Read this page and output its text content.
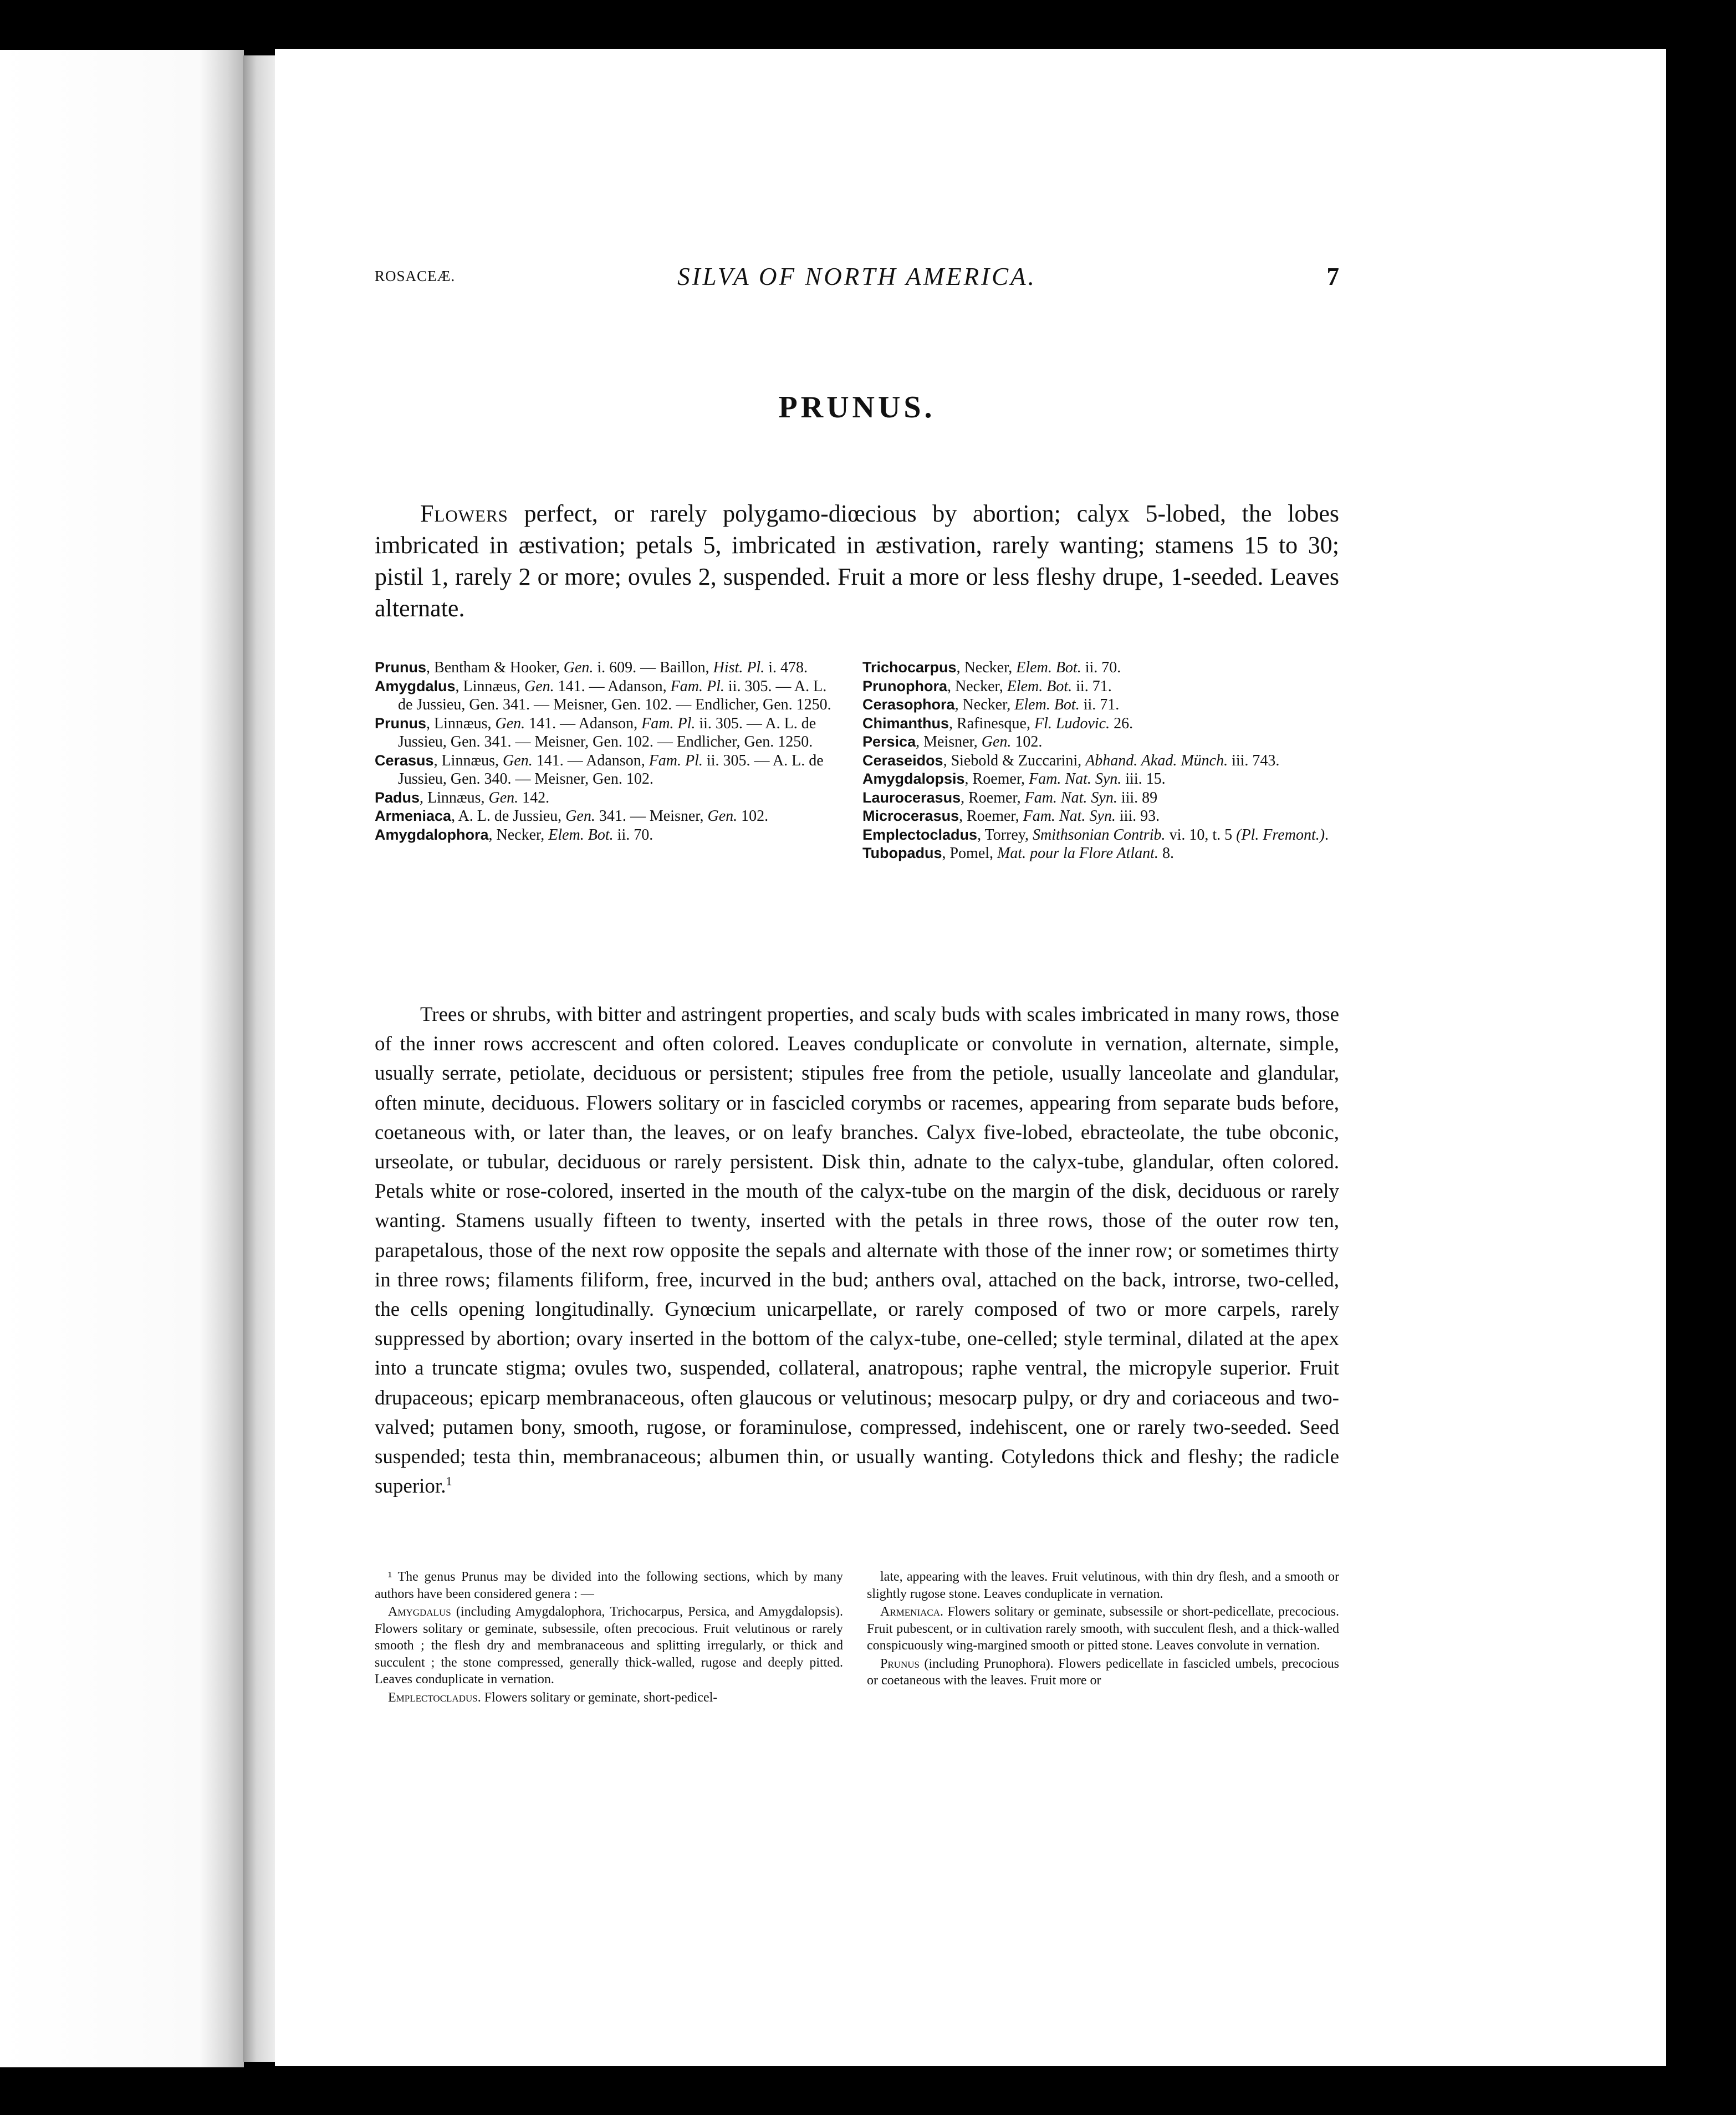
ROSACEÆ.	SILVA OF NORTH AMERICA.	7
PRUNUS.
Flowers perfect, or rarely polygamo-diœcious by abortion; calyx 5-lobed, the lobes imbricated in æstivation; petals 5, imbricated in æstivation, rarely wanting; stamens 15 to 30; pistil 1, rarely 2 or more; ovules 2, suspended. Fruit a more or less fleshy drupe, 1-seeded. Leaves alternate.
Prunus, Bentham & Hooker, Gen. i. 609. — Baillon, Hist. Pl. i. 478.
Amygdalus, Linnæus, Gen. 141. — Adanson, Fam. Pl. ii. 305. — A. L. de Jussieu, Gen. 341. — Meisner, Gen. 102. — Endlicher, Gen. 1250.
Prunus, Linnæus, Gen. 141. — Adanson, Fam. Pl. ii. 305. — A. L. de Jussieu, Gen. 341. — Meisner, Gen. 102. — Endlicher, Gen. 1250.
Cerasus, Linnæus, Gen. 141. — Adanson, Fam. Pl. ii. 305. — A. L. de Jussieu, Gen. 340. — Meisner, Gen. 102.
Padus, Linnæus, Gen. 142.
Armeniaca, A. L. de Jussieu, Gen. 341. — Meisner, Gen. 102.
Amygdalophora, Necker, Elem. Bot. ii. 70.
Trichocarpus, Necker, Elem. Bot. ii. 70.
Prunophora, Necker, Elem. Bot. ii. 71.
Cerasophora, Necker, Elem. Bot. ii. 71.
Chimanthus, Rafinesque, Fl. Ludovic. 26.
Persica, Meisner, Gen. 102.
Ceraseidos, Siebold & Zuccarini, Abhand. Akad. Münch. iii. 743.
Amygdalopsis, Roemer, Fam. Nat. Syn. iii. 15.
Laurocerasus, Roemer, Fam. Nat. Syn. iii. 89
Microcerasus, Roemer, Fam. Nat. Syn. iii. 93.
Emplectocladus, Torrey, Smithsonian Contrib. vi. 10, t. 5 (Pl. Fremont.).
Tubopadus, Pomel, Mat. pour la Flore Atlant. 8.
Trees or shrubs, with bitter and astringent properties, and scaly buds with scales imbricated in many rows, those of the inner rows accrescent and often colored. Leaves conduplicate or convolute in vernation, alternate, simple, usually serrate, petiolate, deciduous or persistent; stipules free from the petiole, usually lanceolate and glandular, often minute, deciduous. Flowers solitary or in fascicled corymbs or racemes, appearing from separate buds before, coetaneous with, or later than, the leaves, or on leafy branches. Calyx five-lobed, ebracteolate, the tube obconic, urseolate, or tubular, deciduous or rarely persistent. Disk thin, adnate to the calyx-tube, glandular, often colored. Petals white or rose-colored, inserted in the mouth of the calyx-tube on the margin of the disk, deciduous or rarely wanting. Stamens usually fifteen to twenty, inserted with the petals in three rows, those of the outer row ten, parapetalous, those of the next row opposite the sepals and alternate with those of the inner row; or sometimes thirty in three rows; filaments filiform, free, incurved in the bud; anthers oval, attached on the back, introrse, two-celled, the cells opening longitudinally. Gynœcium unicarpellate, or rarely composed of two or more carpels, rarely suppressed by abortion; ovary inserted in the bottom of the calyx-tube, one-celled; style terminal, dilated at the apex into a truncate stigma; ovules two, suspended, collateral, anatropous; raphe ventral, the micropyle superior. Fruit drupaceous; epicarp membranaceous, often glaucous or velutinous; mesocarp pulpy, or dry and coriaceous and two-valved; putamen bony, smooth, rugose, or foraminulose, compressed, indehiscent, one or rarely two-seeded. Seed suspended; testa thin, membranaceous; albumen thin, or usually wanting. Cotyledons thick and fleshy; the radicle superior.$^1$

¹ The genus Prunus may be divided into the following sections, which by many authors have been considered genera : —

Amygdalus (including Amygdalophora, Trichocarpus, Persica, and Amygdalopsis). Flowers solitary or geminate, subsessile, often precocious. Fruit velutinous or rarely smooth ; the flesh dry and membranaceous and splitting irregularly, or thick and succulent ; the stone compressed, generally thick-walled, rugose and deeply pitted. Leaves conduplicate in vernation.

Emplectocladus. Flowers solitary or geminate, short-pedicel-

late, appearing with the leaves. Fruit velutinous, with thin dry flesh, and a smooth or slightly rugose stone. Leaves conduplicate in vernation.

Armeniaca. Flowers solitary or geminate, subsessile or short-pedicellate, precocious. Fruit pubescent, or in cultivation rarely smooth, with succulent flesh, and a thick-walled conspicuously wing-margined smooth or pitted stone. Leaves convolute in vernation.

Prunus (including Prunophora). Flowers pedicellate in fascicled umbels, precocious or coetaneous with the leaves. Fruit more or
